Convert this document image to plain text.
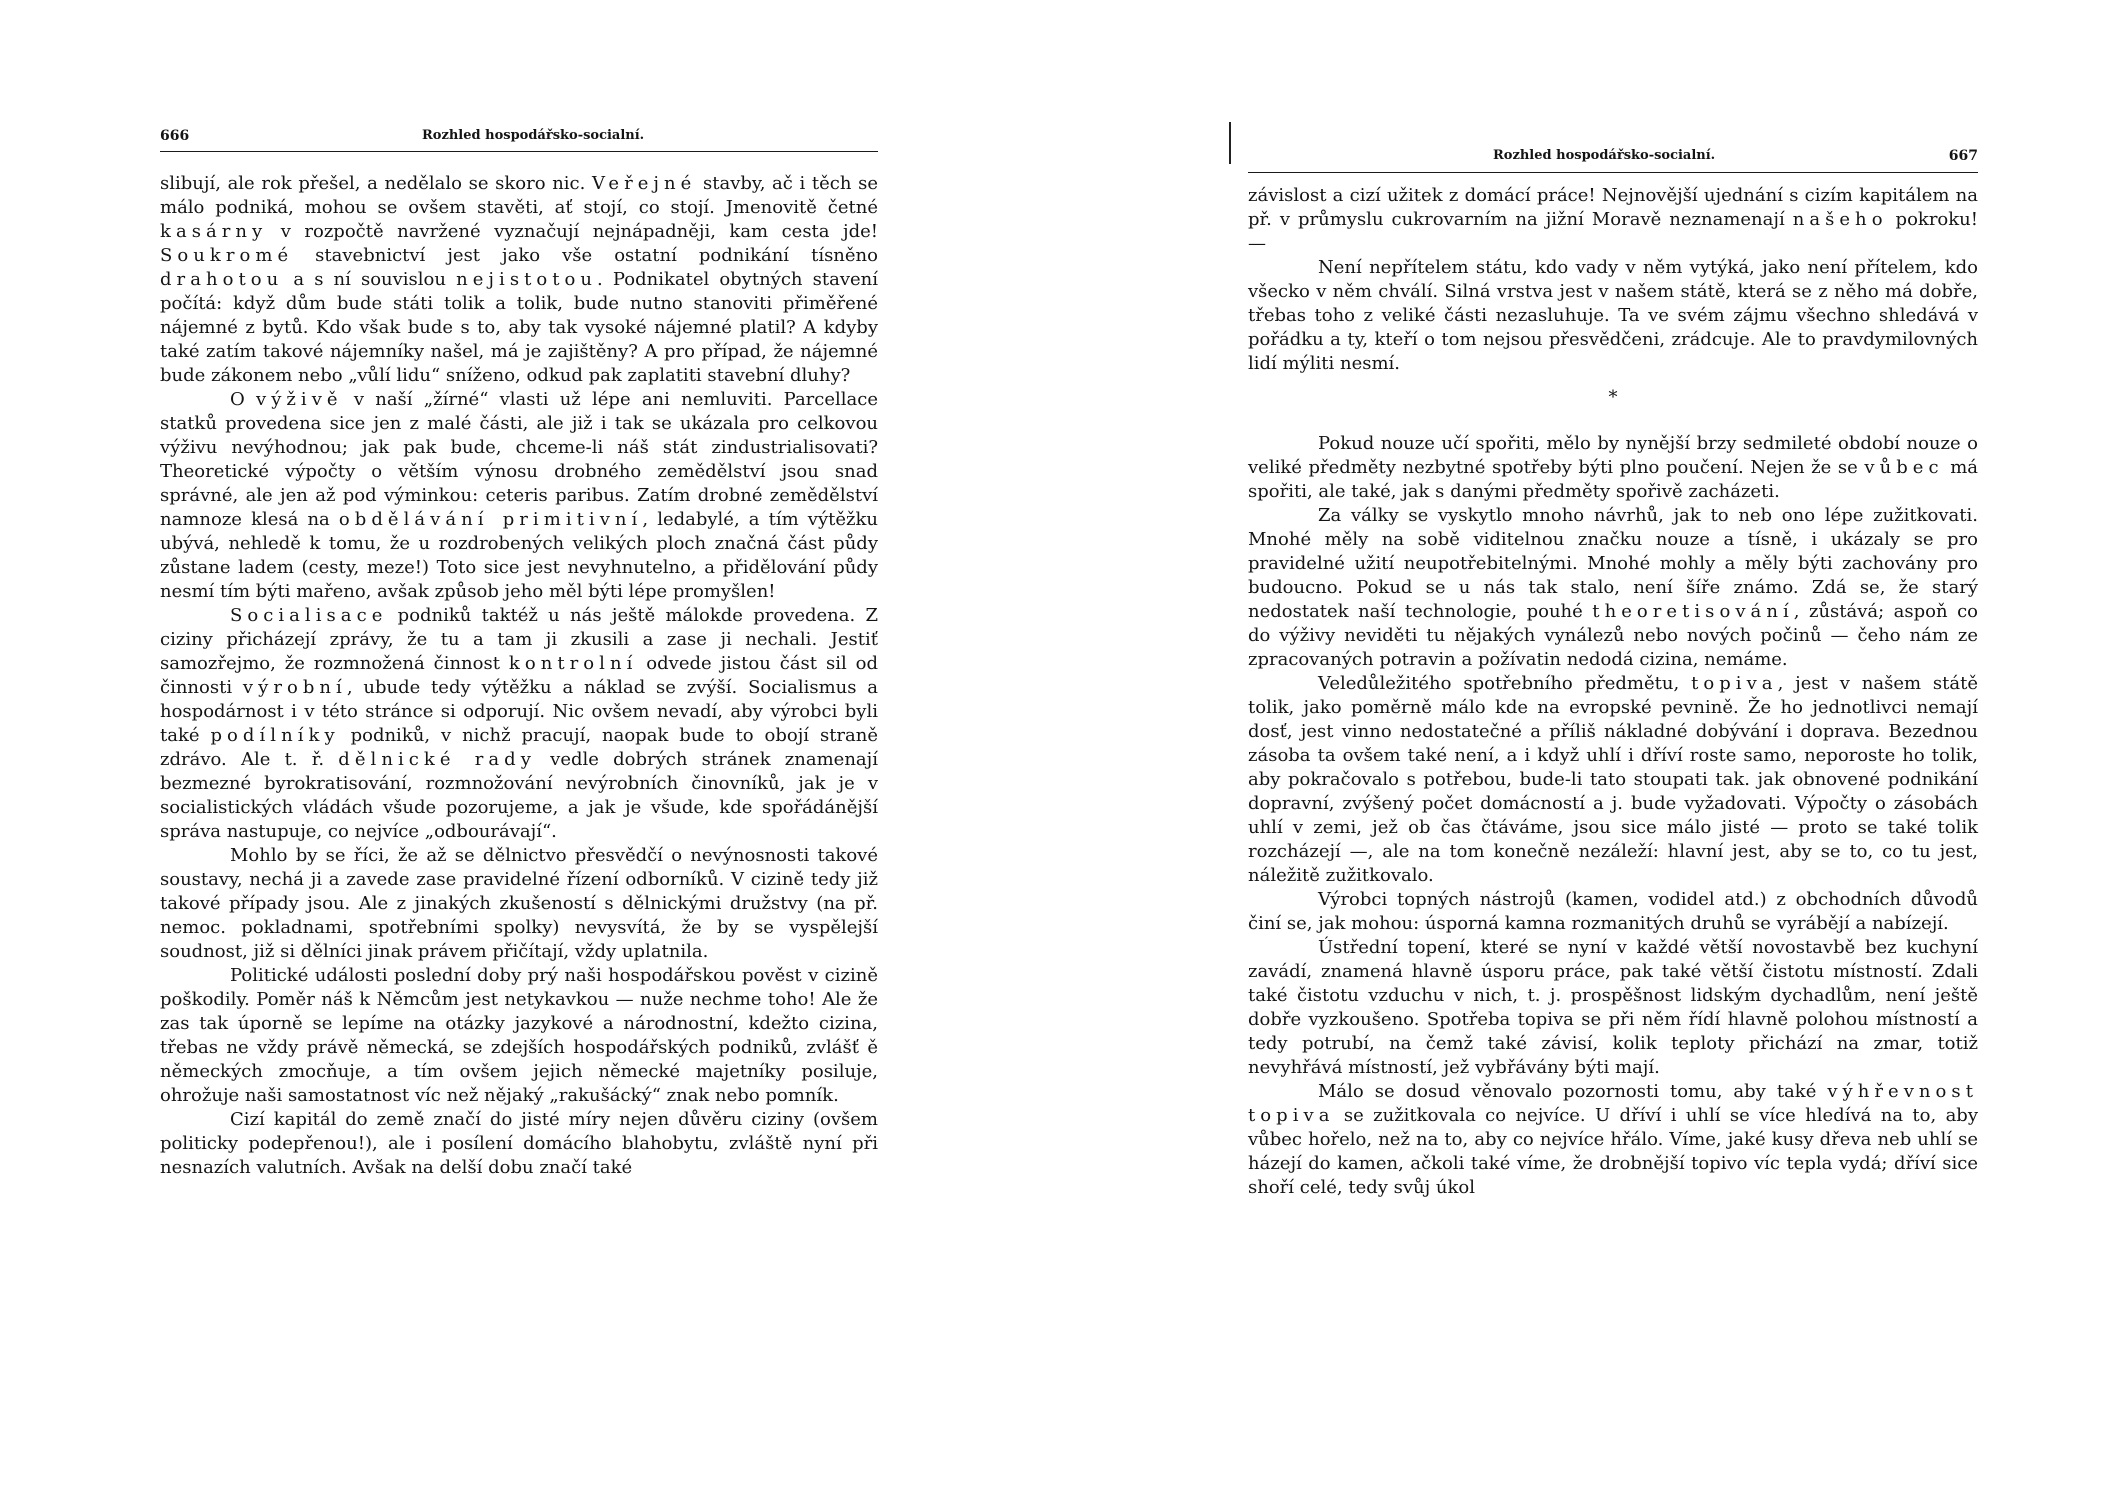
666	Rozhled hospodářsko-socialní.

slibují, ale rok přešel, a nedělalo se skoro nic. Veřejné stavby, ač i těch se málo podniká, mohou se ovšem stavěti, ať stojí, co stojí. Jmenovitě četné kasárny v rozpočtě navržené vyznačují nejnápadněji, kam cesta jde! Soukromé stavebnictví jest jako vše ostatní podnikání tísněno drahotou a s ní souvislou nejistotou. Podnikatel obytných stavení počítá: když dům bude státi tolik a tolik, bude nutno stanoviti přiměřené nájemné z bytů. Kdo však bude s to, aby tak vysoké nájemné platil? A kdyby také zatím takové nájemníky našel, má je zajištěny? A pro případ, že nájemné bude zákonem nebo „vůlí lidu“ sníženo, odkud pak zaplatiti stavební dluhy?

O výživě v naší „žírné“ vlasti už lépe ani nemluviti. Parcellace statků provedena sice jen z malé části, ale již i tak se ukázala pro celkovou výživu nevýhodnou; jak pak bude, chceme-li náš stát zindustrialisovati? Theoretické výpočty o větším výnosu drobného zemědělství jsou snad správné, ale jen až pod výminkou: ceteris paribus. Zatím drobné zemědělství namnoze klesá na obdělávání primitivní, ledabylé, a tím výtěžku ubývá, nehledě k tomu, že u rozdrobených velikých ploch značná část půdy zůstane ladem (cesty, meze!) Toto sice jest nevyhnutelno, a přidělování půdy nesmí tím býti mařeno, avšak způsob jeho měl býti lépe promyšlen!

Socialisace podniků taktéž u nás ještě málokde provedena. Z ciziny přicházejí zprávy, že tu a tam ji zkusili a zase ji nechali. Jestiť samozřejmo, že rozmnožená činnost kontrolní odvede jistou část sil od činnosti výrobní, ubude tedy výtěžku a náklad se zvýší. Socialismus a hospodárnost i v této stránce si odporují. Nic ovšem nevadí, aby výrobci byli také podílníky podniků, v nichž pracují, naopak bude to obojí straně zdrávo. Ale t. ř. dělnické rady vedle dobrých stránek znamenají bezmezné byrokratisování, rozmnožování nevýrobních činovníků, jak je v socialistických vládách všude pozorujeme, a jak je všude, kde spořádánější správa nastupuje, co nejvíce „odbourávají“.

Mohlo by se říci, že až se dělnictvo přesvědčí o nevýnosnosti takové soustavy, nechá ji a zavede zase pravidelné řízení odborníků. V cizině tedy již takové případy jsou. Ale z jinakých zkušeností s dělnickými družstvy (na př. nemoc. pokladnami, spotřebními spolky) nevysvítá, že by se vyspělejší soudnost, již si dělníci jinak právem přičítají, vždy uplatnila.

Politické události poslední doby prý naši hospodářskou pověst v cizině poškodily. Poměr náš k Němcům jest netykavkou — nuže nechme toho! Ale že zas tak úporně se lepíme na otázky jazykové a národnostní, kdežto cizina, třebas ne vždy právě německá, se zdejších hospodářských podniků, zvlášť ě německých zmocňuje, a tím ovšem jejich německé majetníky posiluje, ohrožuje naši samostatnost víc než nějaký „rakušácký“ znak nebo pomník.

Cizí kapitál do země značí do jisté míry nejen důvěru ciziny (ovšem politicky podepřenou!), ale i posílení domácího blahobytu, zvláště nyní při nesnazích valutních. Avšak na delší dobu značí také

Rozhled hospodářsko-socialní.	667

závislost a cizí užitek z domácí práce! Nejnovější ujednání s cizím kapitálem na př. v průmyslu cukrovarním na jižní Moravě neznamenají našeho pokroku! —

Není nepřítelem státu, kdo vady v něm vytýká, jako není přítelem, kdo všecko v něm chválí. Silná vrstva jest v našem státě, která se z něho má dobře, třebas toho z veliké části nezasluhuje. Ta ve svém zájmu všechno shledává v pořádku a ty, kteří o tom nejsou přesvědčeni, zrádcuje. Ale to pravdymilovných lidí mýliti nesmí.

*

Pokud nouze učí spořiti, mělo by nynější brzy sedmileté období nouze o veliké předměty nezbytné spotřeby býti plno poučení. Nejen že se vůbec má spořiti, ale také, jak s danými předměty spořivě zacházeti.

Za války se vyskytlo mnoho návrhů, jak to neb ono lépe zužitkovati. Mnohé měly na sobě viditelnou značku nouze a tísně, i ukázaly se pro pravidelné užití neupotřebitelnými. Mnohé mohly a měly býti zachovány pro budoucno. Pokud se u nás tak stalo, není šíře známo. Zdá se, že starý nedostatek naší technologie, pouhé theoretisování, zůstává; aspoň co do výživy neviděti tu nějakých vynálezů nebo nových počinů — čeho nám ze zpracovaných potravin a požívatin nedodá cizina, nemáme.

Veledůležitého spotřebního předmětu, topiva, jest v našem státě tolik, jako poměrně málo kde na evropské pevnině. Že ho jednotlivci nemají dosť, jest vinno nedostatečné a příliš nákladné dobývání i doprava. Bezednou zásoba ta ovšem také není, a i když uhlí i dříví roste samo, neporoste ho tolik, aby pokračovalo s potřebou, bude-li tato stoupati tak. jak obnovené podnikání dopravní, zvýšený počet domácností a j. bude vyžadovati. Výpočty o zásobách uhlí v zemi, jež ob čas čtáváme, jsou sice málo jisté — proto se také tolik rozcházejí —, ale na tom konečně nezáleží: hlavní jest, aby se to, co tu jest, náležitě zužitkovalo.

Výrobci topných nástrojů (kamen, vodidel atd.) z obchodních důvodů činí se, jak mohou: úsporná kamna rozmanitých druhů se vyrábějí a nabízejí.

Ústřední topení, které se nyní v každé větší novostavbě bez kuchyní zavádí, znamená hlavně úsporu práce, pak také větší čistotu místností. Zdali také čistotu vzduchu v nich, t. j. prospěšnost lidským dychadlům, není ještě dobře vyzkoušeno. Spotřeba topiva se při něm řídí hlavně polohou místností a tedy potrubí, na čemž také závisí, kolik teploty přichází na zmar, totiž nevyhřává místností, jež vybřávány býti mají.

Málo se dosud věnovalo pozornosti tomu, aby také výhřevnost topiva se zužitkovala co nejvíce. U dříví i uhlí se více hledívá na to, aby vůbec hořelo, než na to, aby co nejvíce hřálo. Víme, jaké kusy dřeva neb uhlí se házejí do kamen, ačkoli také víme, že drobnější topivo víc tepla vydá; dříví sice shoří celé, tedy svůj úkol
